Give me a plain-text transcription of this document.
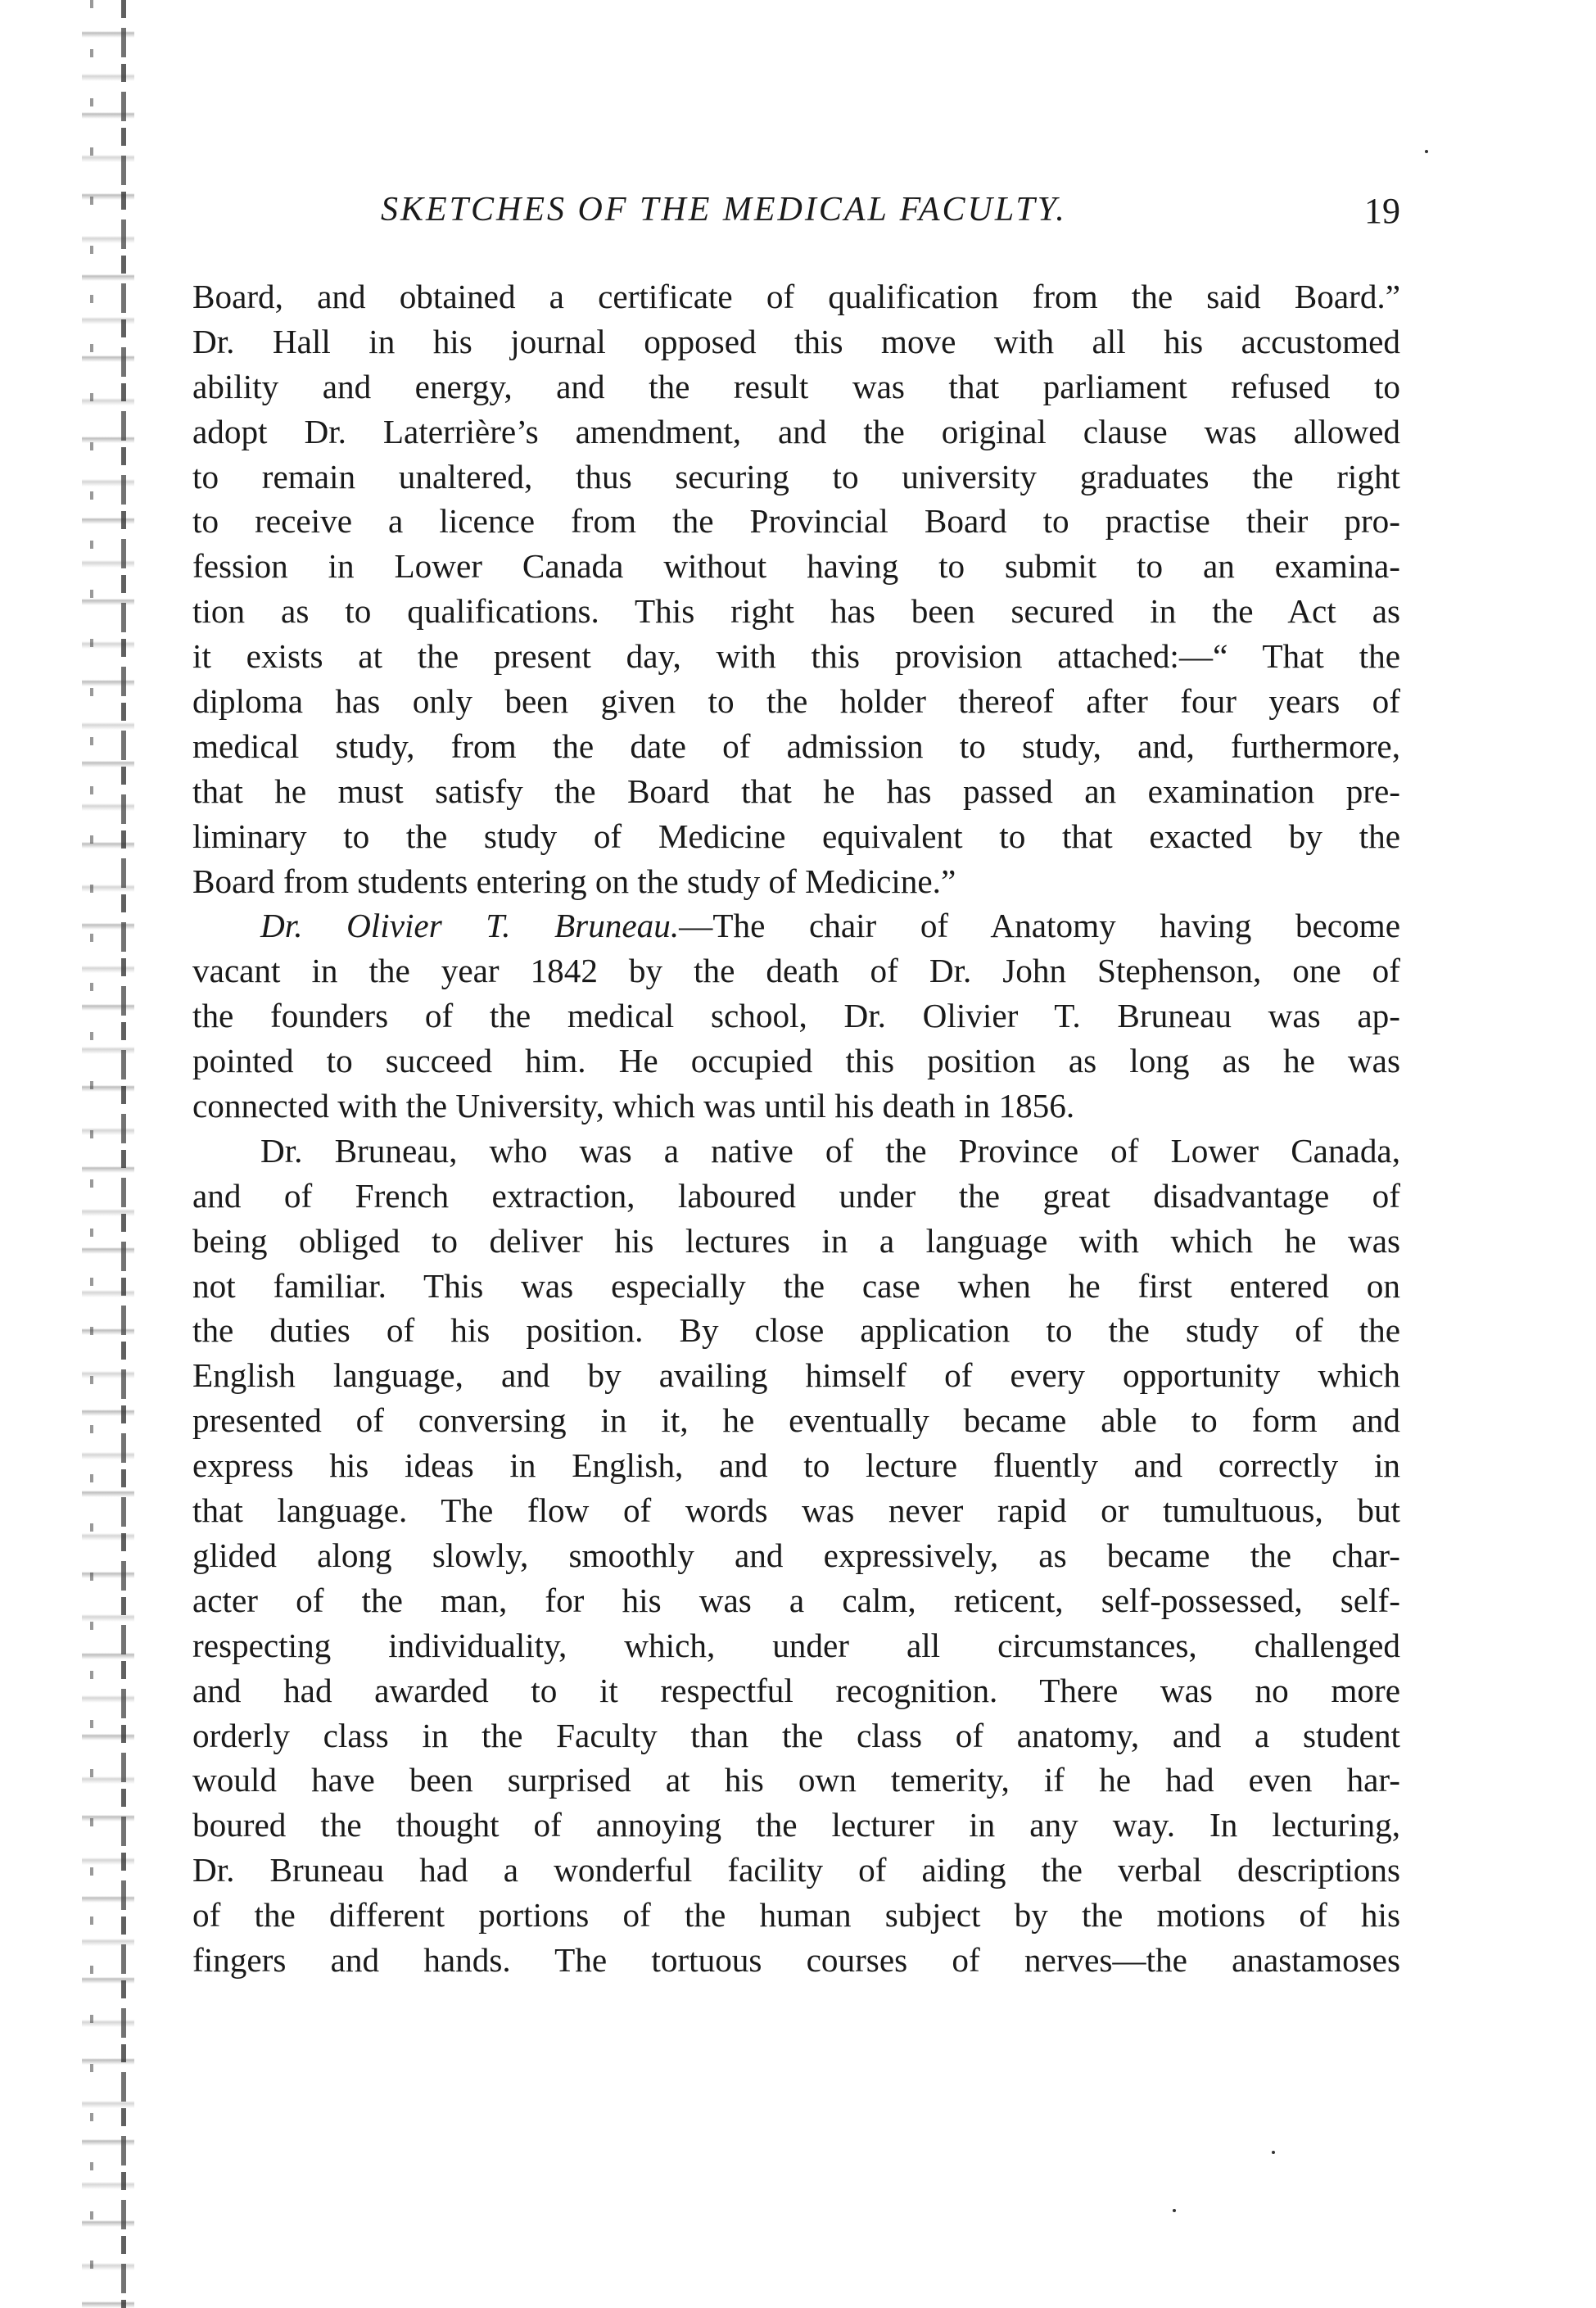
SKETCHES OF THE MEDICAL FACULTY.	19
Board, and obtained a certificate of qualification from the said Board.”
Dr. Hall in his journal opposed this move with all his accustomed
ability and energy, and the result was that parliament refused to
adopt Dr. Laterrière’s amendment, and the original clause was allowed
to remain unaltered, thus securing to university graduates the right
to receive a licence from the Provincial Board to practise their pro-
fession in Lower Canada without having to submit to an examina-
tion as to qualifications. This right has been secured in the Act as
it exists at the present day, with this provision attached:—“ That the
diploma has only been given to the holder thereof after four years of
medical study, from the date of admission to study, and, furthermore,
that he must satisfy the Board that he has passed an examination pre-
liminary to the study of Medicine equivalent to that exacted by the
Board from students entering on the study of Medicine.”
Dr. Olivier T. Bruneau.—The chair of Anatomy having become
vacant in the year 1842 by the death of Dr. John Stephenson, one of
the founders of the medical school, Dr. Olivier T. Bruneau was ap-
pointed to succeed him. He occupied this position as long as he was
connected with the University, which was until his death in 1856.
Dr. Bruneau, who was a native of the Province of Lower Canada,
and of French extraction, laboured under the great disadvantage of
being obliged to deliver his lectures in a language with which he was
not familiar. This was especially the case when he first entered on
the duties of his position. By close application to the study of the
English language, and by availing himself of every opportunity which
presented of conversing in it, he eventually became able to form and
express his ideas in English, and to lecture fluently and correctly in
that language. The flow of words was never rapid or tumultuous, but
glided along slowly, smoothly and expressively, as became the char-
acter of the man, for his was a calm, reticent, self-possessed, self-
respecting individuality, which, under all circumstances, challenged
and had awarded to it respectful recognition. There was no more
orderly class in the Faculty than the class of anatomy, and a student
would have been surprised at his own temerity, if he had even har-
boured the thought of annoying the lecturer in any way. In lecturing,
Dr. Bruneau had a wonderful facility of aiding the verbal descriptions
of the different portions of the human subject by the motions of his
fingers and hands. The tortuous courses of nerves—the anastamoses
